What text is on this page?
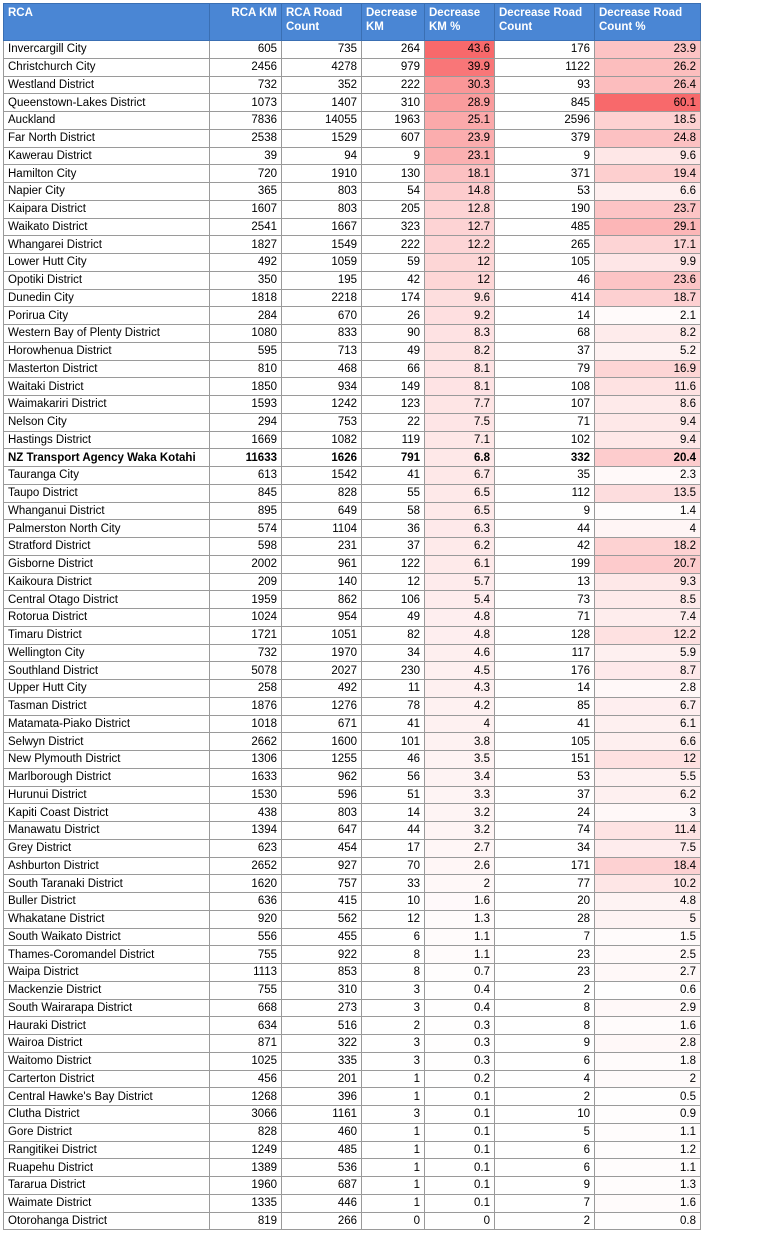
RCA	RCA KM	RCA Road Count	Decrease KM	Decrease KM %	Decrease Road Count	Decrease Road Count %
Invercargill City	605	735	264	43.6	176	23.9
Christchurch City	2456	4278	979	39.9	1122	26.2
Westland District	732	352	222	30.3	93	26.4
Queenstown-Lakes District	1073	1407	310	28.9	845	60.1
Auckland	7836	14055	1963	25.1	2596	18.5
Far North District	2538	1529	607	23.9	379	24.8
Kawerau District	39	94	9	23.1	9	9.6
Hamilton City	720	1910	130	18.1	371	19.4
Napier City	365	803	54	14.8	53	6.6
Kaipara District	1607	803	205	12.8	190	23.7
Waikato District	2541	1667	323	12.7	485	29.1
Whangarei District	1827	1549	222	12.2	265	17.1
Lower Hutt City	492	1059	59	12	105	9.9
Opotiki District	350	195	42	12	46	23.6
Dunedin City	1818	2218	174	9.6	414	18.7
Porirua City	284	670	26	9.2	14	2.1
Western Bay of Plenty District	1080	833	90	8.3	68	8.2
Horowhenua District	595	713	49	8.2	37	5.2
Masterton District	810	468	66	8.1	79	16.9
Waitaki District	1850	934	149	8.1	108	11.6
Waimakariri District	1593	1242	123	7.7	107	8.6
Nelson City	294	753	22	7.5	71	9.4
Hastings District	1669	1082	119	7.1	102	9.4
NZ Transport Agency Waka Kotahi	11633	1626	791	6.8	332	20.4
Tauranga City	613	1542	41	6.7	35	2.3
Taupo District	845	828	55	6.5	112	13.5
Whanganui District	895	649	58	6.5	9	1.4
Palmerston North City	574	1104	36	6.3	44	4
Stratford District	598	231	37	6.2	42	18.2
Gisborne District	2002	961	122	6.1	199	20.7
Kaikoura District	209	140	12	5.7	13	9.3
Central Otago District	1959	862	106	5.4	73	8.5
Rotorua District	1024	954	49	4.8	71	7.4
Timaru District	1721	1051	82	4.8	128	12.2
Wellington City	732	1970	34	4.6	117	5.9
Southland District	5078	2027	230	4.5	176	8.7
Upper Hutt City	258	492	11	4.3	14	2.8
Tasman District	1876	1276	78	4.2	85	6.7
Matamata-Piako District	1018	671	41	4	41	6.1
Selwyn District	2662	1600	101	3.8	105	6.6
New Plymouth District	1306	1255	46	3.5	151	12
Marlborough District	1633	962	56	3.4	53	5.5
Hurunui District	1530	596	51	3.3	37	6.2
Kapiti Coast District	438	803	14	3.2	24	3
Manawatu District	1394	647	44	3.2	74	11.4
Grey District	623	454	17	2.7	34	7.5
Ashburton District	2652	927	70	2.6	171	18.4
South Taranaki District	1620	757	33	2	77	10.2
Buller District	636	415	10	1.6	20	4.8
Whakatane District	920	562	12	1.3	28	5
South Waikato District	556	455	6	1.1	7	1.5
Thames-Coromandel District	755	922	8	1.1	23	2.5
Waipa District	1113	853	8	0.7	23	2.7
Mackenzie District	755	310	3	0.4	2	0.6
South Wairarapa District	668	273	3	0.4	8	2.9
Hauraki District	634	516	2	0.3	8	1.6
Wairoa District	871	322	3	0.3	9	2.8
Waitomo District	1025	335	3	0.3	6	1.8
Carterton District	456	201	1	0.2	4	2
Central Hawke's Bay District	1268	396	1	0.1	2	0.5
Clutha District	3066	1161	3	0.1	10	0.9
Gore District	828	460	1	0.1	5	1.1
Rangitikei District	1249	485	1	0.1	6	1.2
Ruapehu District	1389	536	1	0.1	6	1.1
Tararua District	1960	687	1	0.1	9	1.3
Waimate District	1335	446	1	0.1	7	1.6
Otorohanga District	819	266	0	0	2	0.8
